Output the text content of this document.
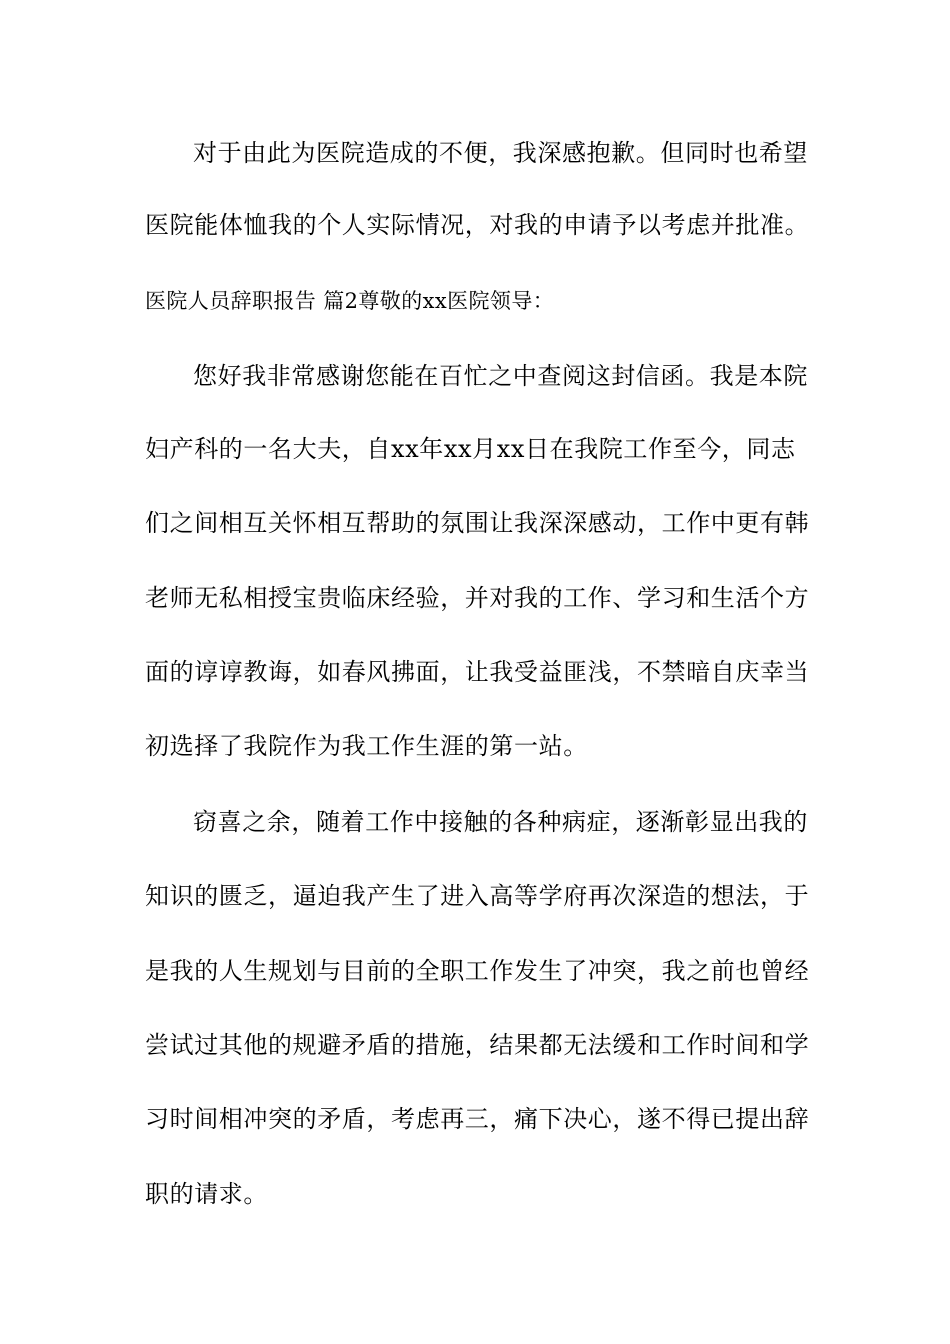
对于由此为医院造成的不便，我深感抱歉。但同时也希望
医院能体恤我的个人实际情况，对我的申请予以考虑并批准。
医院人员辞职报告 篇2尊敬的xx医院领导：
您好我非常感谢您能在百忙之中查阅这封信函。我是本院
妇产科的一名大夫，自xx年xx月xx日在我院工作至今，同志
们之间相互关怀相互帮助的氛围让我深深感动，工作中更有韩
老师无私相授宝贵临床经验，并对我的工作、学习和生活个方
面的谆谆教诲，如春风拂面，让我受益匪浅，不禁暗自庆幸当
初选择了我院作为我工作生涯的第一站。
窃喜之余，随着工作中接触的各种病症，逐渐彰显出我的
知识的匮乏，逼迫我产生了进入高等学府再次深造的想法，于
是我的人生规划与目前的全职工作发生了冲突，我之前也曾经
尝试过其他的规避矛盾的措施，结果都无法缓和工作时间和学
习时间相冲突的矛盾，考虑再三，痛下决心，遂不得已提出辞
职的请求。
